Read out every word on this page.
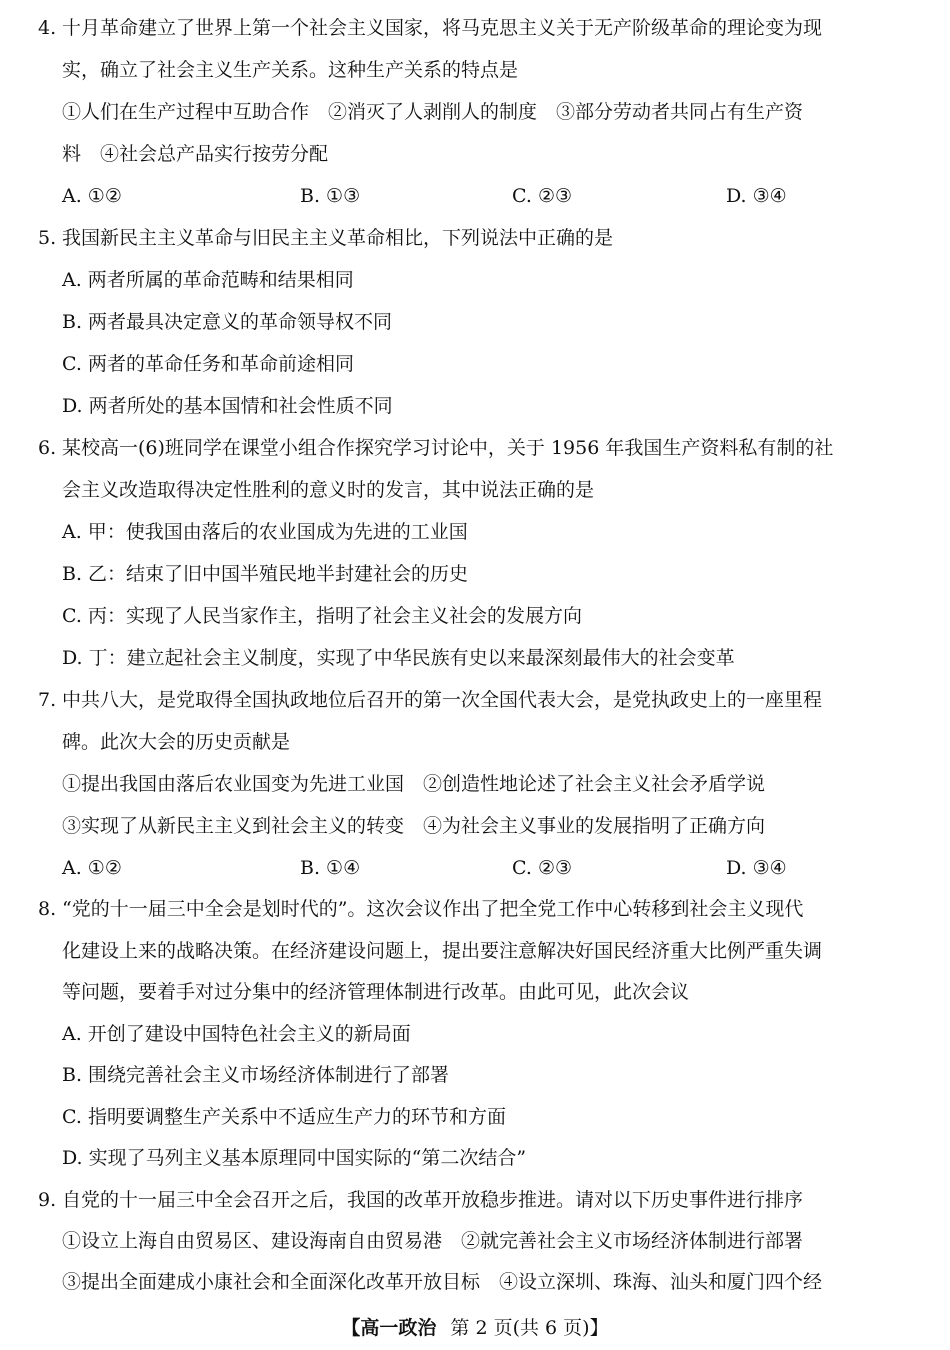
4. 十月革命建立了世界上第一个社会主义国家，将马克思主义关于无产阶级革命的理论变为现
实，确立了社会主义生产关系。这种生产关系的特点是
①人们在生产过程中互助合作　②消灭了人剥削人的制度　③部分劳动者共同占有生产资
料　④社会总产品实行按劳分配
A. ①②	B. ①③	C. ②③	D. ③④
5. 我国新民主主义革命与旧民主主义革命相比，下列说法中正确的是
A. 两者所属的革命范畴和结果相同
B. 两者最具决定意义的革命领导权不同
C. 两者的革命任务和革命前途相同
D. 两者所处的基本国情和社会性质不同
6. 某校高一(6)班同学在课堂小组合作探究学习讨论中，关于 1956 年我国生产资料私有制的社
会主义改造取得决定性胜利的意义时的发言，其中说法正确的是
A. 甲：使我国由落后的农业国成为先进的工业国
B. 乙：结束了旧中国半殖民地半封建社会的历史
C. 丙：实现了人民当家作主，指明了社会主义社会的发展方向
D. 丁：建立起社会主义制度，实现了中华民族有史以来最深刻最伟大的社会变革
7. 中共八大，是党取得全国执政地位后召开的第一次全国代表大会，是党执政史上的一座里程
碑。此次大会的历史贡献是
①提出我国由落后农业国变为先进工业国　②创造性地论述了社会主义社会矛盾学说
③实现了从新民主主义到社会主义的转变　④为社会主义事业的发展指明了正确方向
A. ①②	B. ①④	C. ②③	D. ③④
8. “党的十一届三中全会是划时代的”。这次会议作出了把全党工作中心转移到社会主义现代
化建设上来的战略决策。在经济建设问题上，提出要注意解决好国民经济重大比例严重失调
等问题，要着手对过分集中的经济管理体制进行改革。由此可见，此次会议
A. 开创了建设中国特色社会主义的新局面
B. 围绕完善社会主义市场经济体制进行了部署
C. 指明要调整生产关系中不适应生产力的环节和方面
D. 实现了马列主义基本原理同中国实际的“第二次结合”
9. 自党的十一届三中全会召开之后，我国的改革开放稳步推进。请对以下历史事件进行排序
①设立上海自由贸易区、建设海南自由贸易港　②就完善社会主义市场经济体制进行部署
③提出全面建成小康社会和全面深化改革开放目标　④设立深圳、珠海、汕头和厦门四个经
【高一政治 第 2 页(共 6 页)】
